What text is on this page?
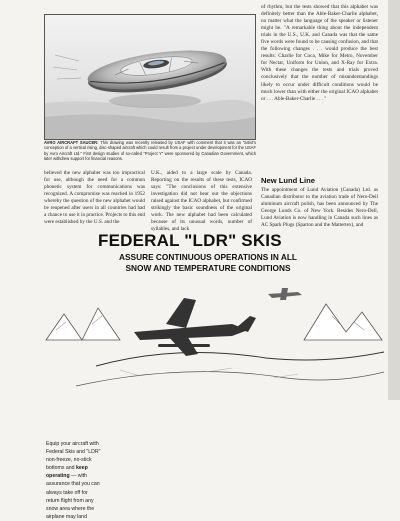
AVRO AIRCRAFT SAUCER: This drawing was recently released by USAF with comment that it was an "artist's conception of a vertical rising, disc-shaped aircraft which could result from a project under development for the USAF by Avro Aircraft Ltd." First design studies of so-called "Project Y" were sponsored by Canadian Government, which later withdrew support for financial reasons.

believed the new alphabet was too impractical for use, although the need for a common phonetic system for communications was recognized. A compromise was reached in 1952 whereby the question of the new alphabet would be reopened after users in all countries had had a chance to use it in practice. Projects to this end were established by the U.S. and the

U.K., aided to a large scale by Canada. Reporting on the results of these tests, ICAO says: "The conclusions of this extensive investigation did not bear out the objections raised against the ICAO alphabet, but confirmed strikingly the basic soundness of the original work. The new alphabet had been calculated because of its unusual words, number of syllables, and lack

of rhythm, but the tests showed that this alphabet was definitely better than the Able-Baker-Charlie alphabet, no matter what the language of the speaker or listener might be. "A remarkable thing about the independent trials in the U.S., U.K. and Canada was that the same five words were found to be causing confusion, and that the following changes . . . would produce the best results: Charlie for Coca, Mike for Metro, November for Nectar, Uniform for Union, and X-Ray for Extra. With these changes the tests and trials proved conclusively that the number of misunderstandings likely to occur under difficult conditions would be much lower than with either the original ICAO alphabet or . . . Able-Baker-Charlie . . . "

New Lund Line

The appointment of Lund Aviation (Canada) Ltd. as Canadian distributor to the aviation trade of Nero-Dell aluminum aircraft polish, has been announced by The George Lunds Co. of New York. Besides Nero-Dell, Lund Aviation is now handling in Canada such lines as AC Spark Plugs (Sparton and the Mattertex), and

FEDERAL "LDR" SKIS

ASSURE CONTINUOUS OPERATIONS IN ALL

SNOW AND TEMPERATURE CONDITIONS

Equip your aircraft with Federal Skis and "LDR" non-freeze, no-stick bottoms and keep operating — with assurance that you can always take off for return flight from any snow area where the airplane may land
